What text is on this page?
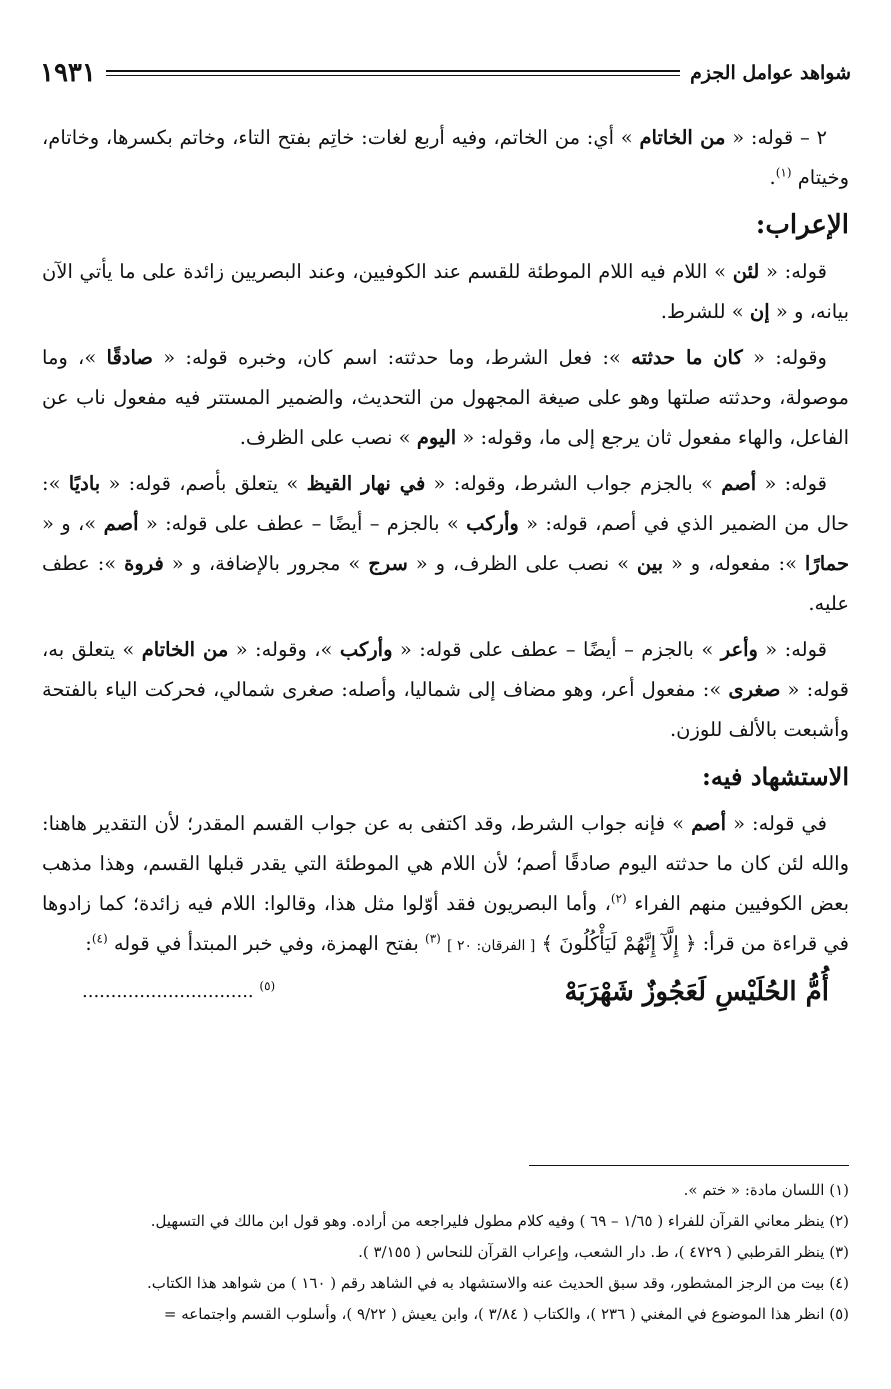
شواهد عوامل الجزم
١٩٣١

٢ – قوله: « من الخاتام » أي: من الخاتم، وفيه أربع لغات: خاتِم بفتح التاء، وخاتم بكسرها، وخاتام، وخيتام $^{(١)}$.

الإعراب:

قوله: « لئن » اللام فيه اللام الموطئة للقسم عند الكوفيين، وعند البصريين زائدة على ما يأتي الآن بيانه، و « إن » للشرط.

وقوله: « كان ما حدثته »: فعل الشرط، وما حدثته: اسم كان، وخبره قوله: « صادقًا »، وما موصولة، وحدثته صلتها وهو على صيغة المجهول من التحديث، والضمير المستتر فيه مفعول ناب عن الفاعل، والهاء مفعول ثان يرجع إلى ما، وقوله: « اليوم » نصب على الظرف.

قوله: « أصم » بالجزم جواب الشرط، وقوله: « في نهار القيظ » يتعلق بأصم، قوله: « باديًا »: حال من الضمير الذي في أصم، قوله: « وأركب » بالجزم – أيضًا – عطف على قوله: « أصم »، و « حمارًا »: مفعوله، و « بين » نصب على الظرف، و « سرج » مجرور بالإضافة، و « فروة »: عطف عليه.

قوله: « وأعر » بالجزم – أيضًا – عطف على قوله: « وأركب »، وقوله: « من الخاتام » يتعلق به، قوله: « صغرى »: مفعول أعر، وهو مضاف إلى شماليا، وأصله: صغرى شمالي، فحركت الياء بالفتحة وأشبعت بالألف للوزن.

الاستشهاد فيه:

في قوله: « أصم » فإنه جواب الشرط، وقد اكتفى به عن جواب القسم المقدر؛ لأن التقدير هاهنا: والله لئن كان ما حدثته اليوم صادقًا أصم؛ لأن اللام هي الموطئة التي يقدر قبلها القسم، وهذا مذهب بعض الكوفيين منهم الفراء $^{(٢)}$، وأما البصريون فقد أوّلوا مثل هذا، وقالوا: اللام فيه زائدة؛ كما زادوها في قراءة من قرأ: ﴿ إِلَّآ إِنَّهُمْ لَيَأْكُلُونَ ﴾ [ الفرقان: ٢٠ ] $^{(٣)}$ بفتح الهمزة، وفي خبر المبتدأ في قوله $^{(٤)}$:

أُمُّ الحُلَيْسِ لَعَجُوزٌ شَهْرَبَهْ
.............................. $^{(٥)}$
(١) اللسان مادة: « ختم ».
(٢) ينظر معاني القرآن للفراء ( ١/٦٥ – ٦٩ ) وفيه كلام مطول فليراجعه من أراده. وهو قول ابن مالك في التسهيل.
(٣) ينظر القرطبي ( ٤٧٢٩ )، ط. دار الشعب، وإعراب القرآن للنحاس ( ٣/١٥٥ ).
(٤) بيت من الرجز المشطور، وقد سبق الحديث عنه والاستشهاد به في الشاهد رقم ( ١٦٠ ) من شواهد هذا الكتاب.
(٥) انظر هذا الموضوع في المغني ( ٢٣٦ )، والكتاب ( ٣/٨٤ )، وابن يعيش ( ٩/٢٢ )، وأسلوب القسم واجتماعه =
